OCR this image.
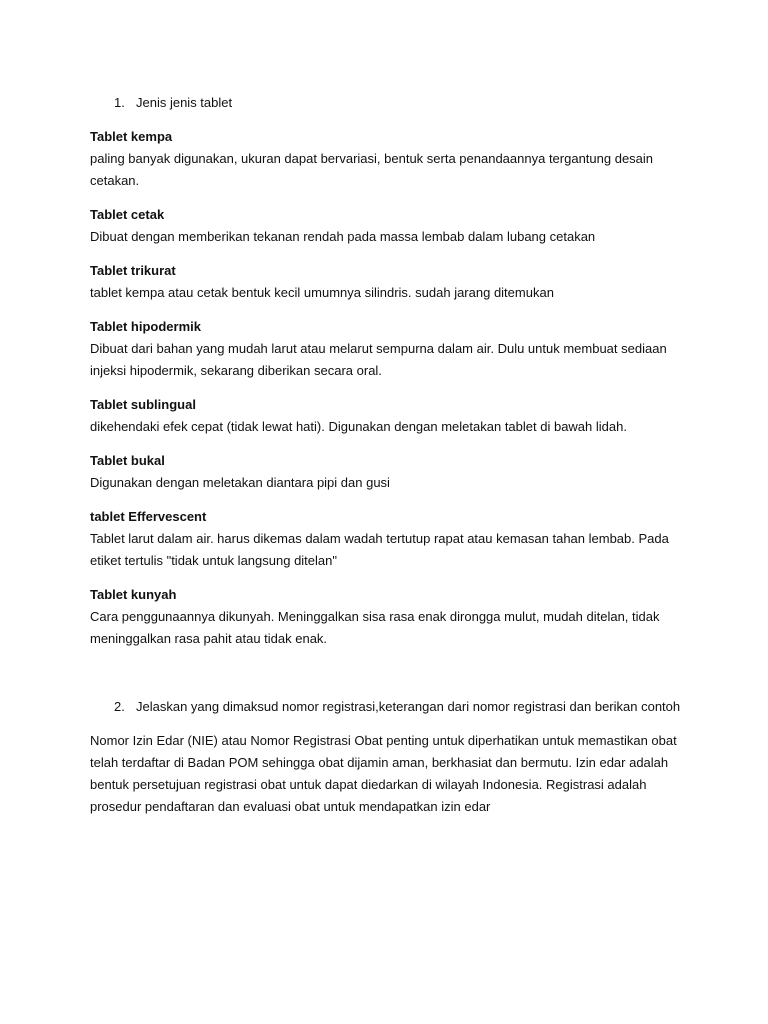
1. Jenis jenis tablet
Tablet kempa
paling banyak digunakan, ukuran dapat bervariasi, bentuk serta penandaannya tergantung desain cetakan.
Tablet cetak
Dibuat dengan memberikan tekanan rendah pada massa lembab dalam lubang cetakan
Tablet trikurat
tablet kempa atau cetak bentuk kecil umumnya silindris. sudah jarang ditemukan
Tablet hipodermik
Dibuat dari bahan yang mudah larut atau melarut sempurna dalam air. Dulu untuk membuat sediaan injeksi hipodermik, sekarang diberikan secara oral.
Tablet sublingual
dikehendaki efek cepat (tidak lewat hati). Digunakan dengan meletakan tablet di bawah lidah.
Tablet bukal
Digunakan dengan meletakan diantara pipi dan gusi
tablet Effervescent
Tablet larut dalam air. harus dikemas dalam wadah tertutup rapat atau kemasan tahan lembab. Pada etiket tertulis "tidak untuk langsung ditelan"
Tablet kunyah
Cara penggunaannya dikunyah. Meninggalkan sisa rasa enak dirongga mulut, mudah ditelan, tidak meninggalkan rasa pahit atau tidak enak.
2. Jelaskan yang dimaksud nomor registrasi,keterangan dari nomor registrasi dan berikan contoh
Nomor Izin Edar (NIE) atau Nomor Registrasi Obat penting untuk diperhatikan untuk memastikan obat telah terdaftar di Badan POM sehingga obat dijamin aman, berkhasiat dan bermutu. Izin edar adalah bentuk persetujuan registrasi obat untuk dapat diedarkan di wilayah Indonesia. Registrasi adalah prosedur pendaftaran dan evaluasi obat untuk mendapatkan izin edar
